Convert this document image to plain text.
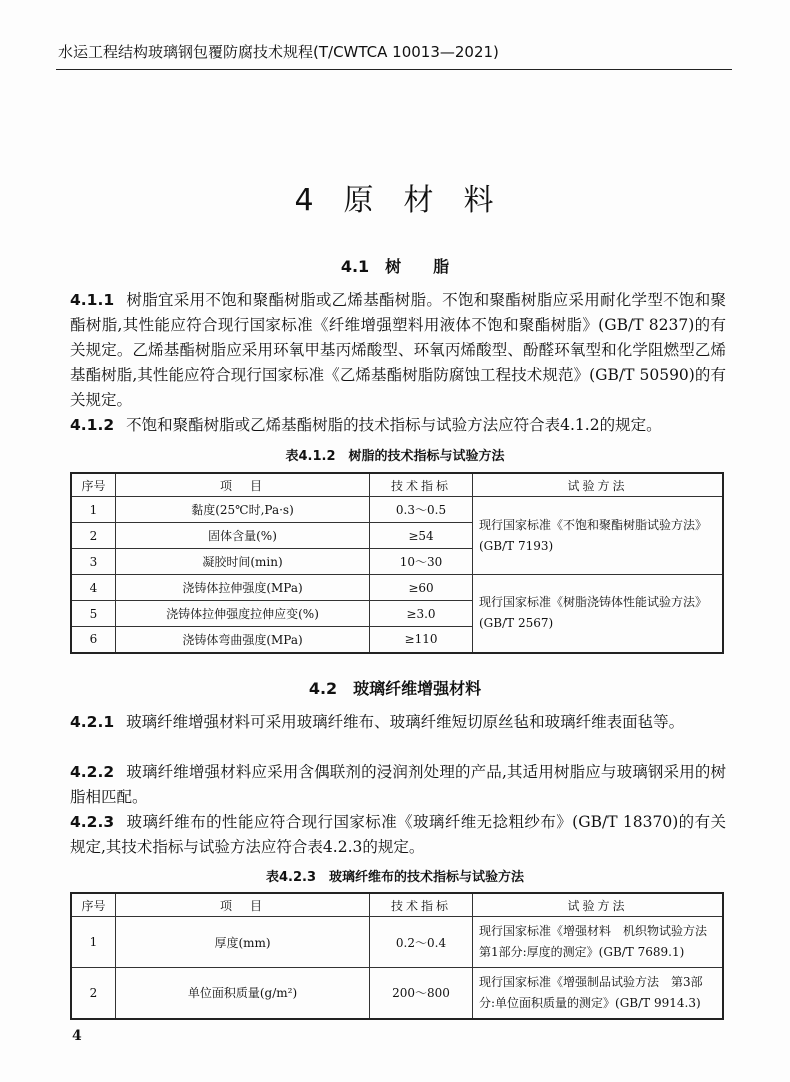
水运工程结构玻璃钢包覆防腐技术规程(T/CWTCA 10013—2021)
4 原 材 料
4.1　树　　脂
4.1.1 树脂宜采用不饱和聚酯树脂或乙烯基酯树脂。不饱和聚酯树脂应采用耐化学型不饱和聚酯树脂,其性能应符合现行国家标准《纤维增强塑料用液体不饱和聚酯树脂》(GB/T 8237)的有关规定。乙烯基酯树脂应采用环氧甲基丙烯酸型、环氧丙烯酸型、酚醛环氧型和化学阻燃型乙烯基酯树脂,其性能应符合现行国家标准《乙烯基酯树脂防腐蚀工程技术规范》(GB/T 50590)的有关规定。
4.1.2 不饱和聚酯树脂或乙烯基酯树脂的技术指标与试验方法应符合表4.1.2的规定。
表4.1.2　树脂的技术指标与试验方法
序号	项　目	技术指标	试验方法
1	黏度(25℃时,Pa·s)	0.3～0.5	现行国家标准《不饱和聚酯树脂试验方法》(GB/T 7193)
2	固体含量(%)	≥54	
3	凝胶时间(min)	10～30	
4	浇铸体拉伸强度(MPa)	≥60	现行国家标准《树脂浇铸体性能试验方法》(GB/T 2567)
5	浇铸体拉伸强度拉伸应变(%)	≥3.0	
6	浇铸体弯曲强度(MPa)	≥110	
4.2　玻璃纤维增强材料
4.2.1 玻璃纤维增强材料可采用玻璃纤维布、玻璃纤维短切原丝毡和玻璃纤维表面毡等。
4.2.2 玻璃纤维增强材料应采用含偶联剂的浸润剂处理的产品,其适用树脂应与玻璃钢采用的树脂相匹配。
4.2.3 玻璃纤维布的性能应符合现行国家标准《玻璃纤维无捻粗纱布》(GB/T 18370)的有关规定,其技术指标与试验方法应符合表4.2.3的规定。
表4.2.3　玻璃纤维布的技术指标与试验方法
序号	项　目	技术指标	试验方法
1	厚度(mm)	0.2～0.4	现行国家标准《增强材料　机织物试验方法　第1部分:厚度的测定》(GB/T 7689.1)
2	单位面积质量(g/m²)	200～800	现行国家标准《增强制品试验方法　第3部分:单位面积质量的测定》(GB/T 9914.3)
4
